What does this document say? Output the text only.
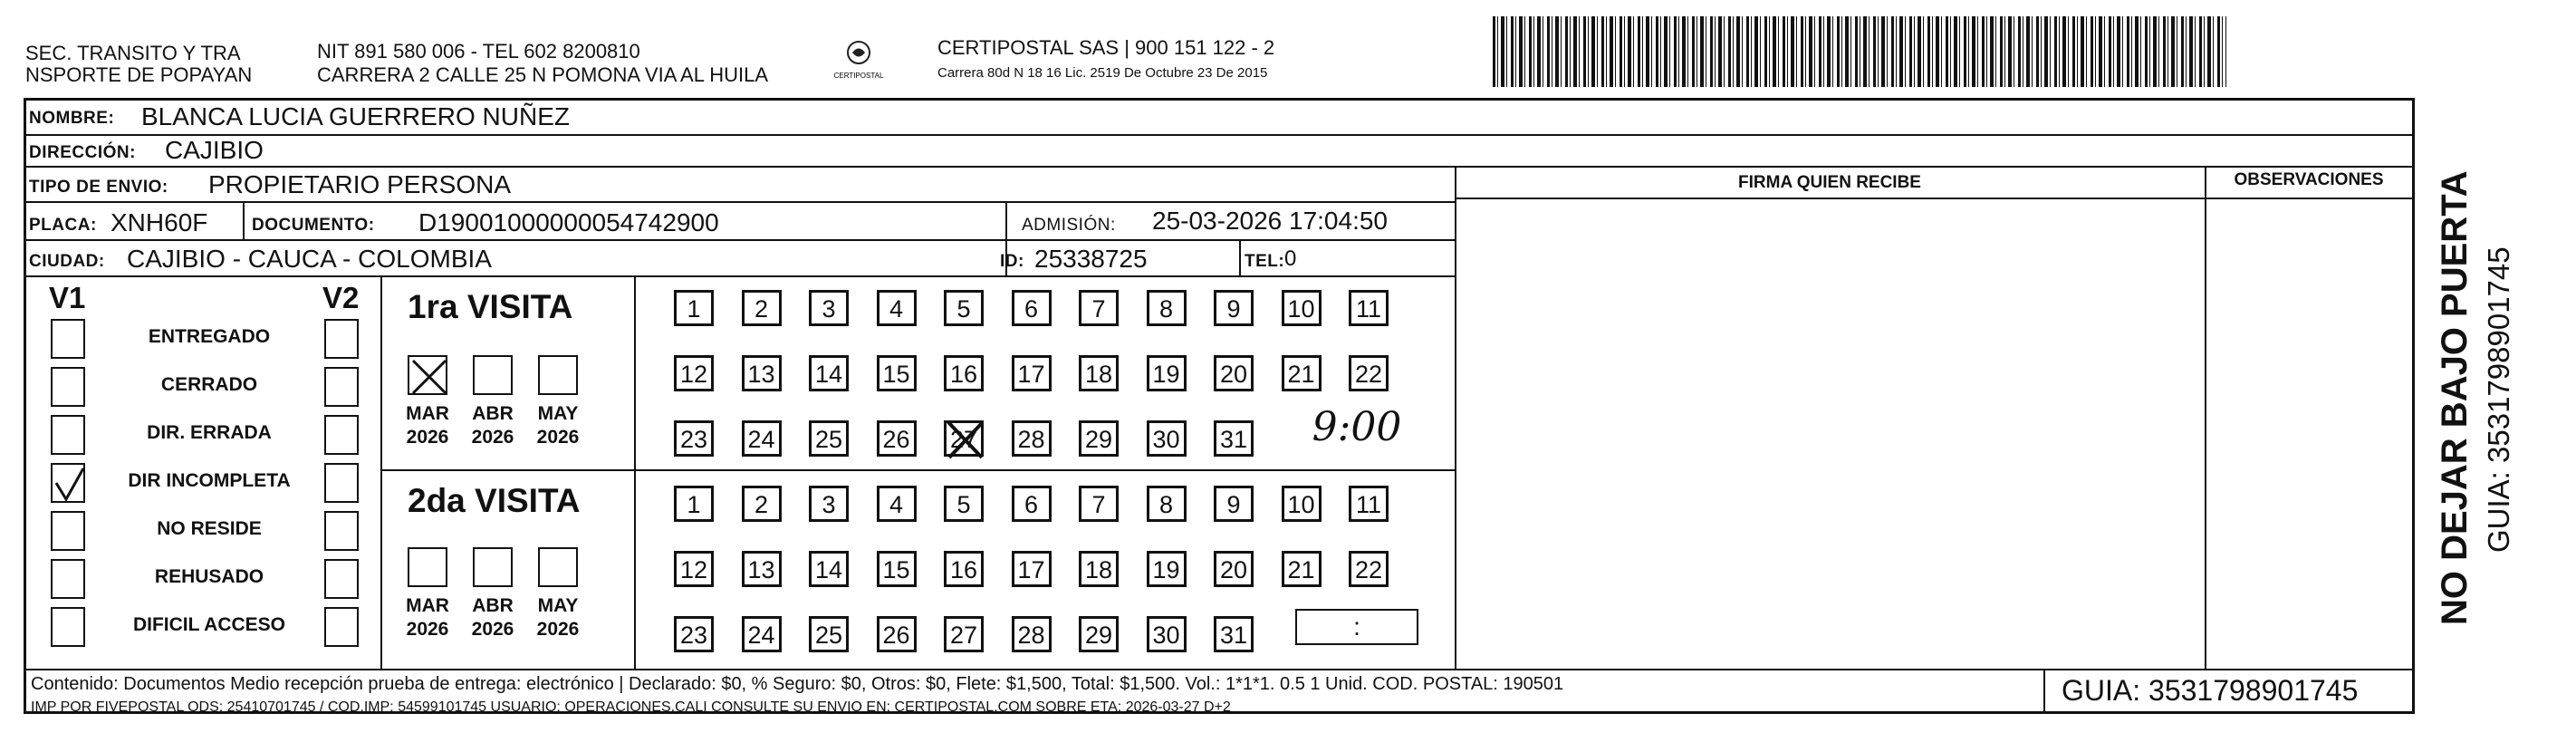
SEC. TRANSITO Y TRA
NSPORTE DE POPAYAN
NIT 891 580 006 - TEL 602 8200810
CARRERA 2 CALLE 25 N POMONA VIA AL HUILA	CERTIPOSTAL
CERTIPOSTAL SAS | 900 151 122 - 2
Carrera 80d N 18 16 Lic. 2519 De Octubre 23 De 2015
NOMBRE: BLANCA LUCIA GUERRERO NUÑEZ
DIRECCIÓN: CAJIBIO
TIPO DE ENVIO: PROPIETARIO PERSONA
PLACA: XNH60F	DOCUMENTO: D19001000000054742900	ADMISIÓN: 25-03-2026 17:04:50
CIUDAD: CAJIBIO - CAUCA - COLOMBIA	ID: 25338725	TEL: 0
FIRMA QUIEN RECIBE	OBSERVACIONES
V1	V2
ENTREGADO
CERRADO
DIR. ERRADA
DIR INCOMPLETA
NO RESIDE
REHUSADO
DIFICIL ACCESO
1ra VISITA
MAR
2026
ABR
2026
MAY
2026
1	2	3	4	5	6	7	8	9	10 11
12 13 14 15 16 17 18 19 20 21 22
23 24 25 26 27 28 29 30 31	9:00
2da VISITA
MAR
2026
ABR
2026
MAY
2026
1	2	3	4	5	6	7	8	9	10 11
12 13 14 15 16 17 18 19 20 21 22
23 24 25 26 27 28 29 30 31	:
Contenido: Documentos Medio recepción prueba de entrega: electrónico | Declarado: $0, % Seguro: $0, Otros: $0, Flete: $1,500, Total: $1,500. Vol.: 1*1*1. 0.5 1 Unid. COD. POSTAL: 190501
IMP POR FIVEPOSTAL ODS: 25410701745 / COD.IMP: 54599101745 USUARIO: OPERACIONES.CALI CONSULTE SU ENVIO EN: CERTIPOSTAL.COM SOBRE ETA: 2026-03-27 D+2
GUIA: 3531798901745
NO DEJAR BAJO PUERTA GUIA: 3531798901745
